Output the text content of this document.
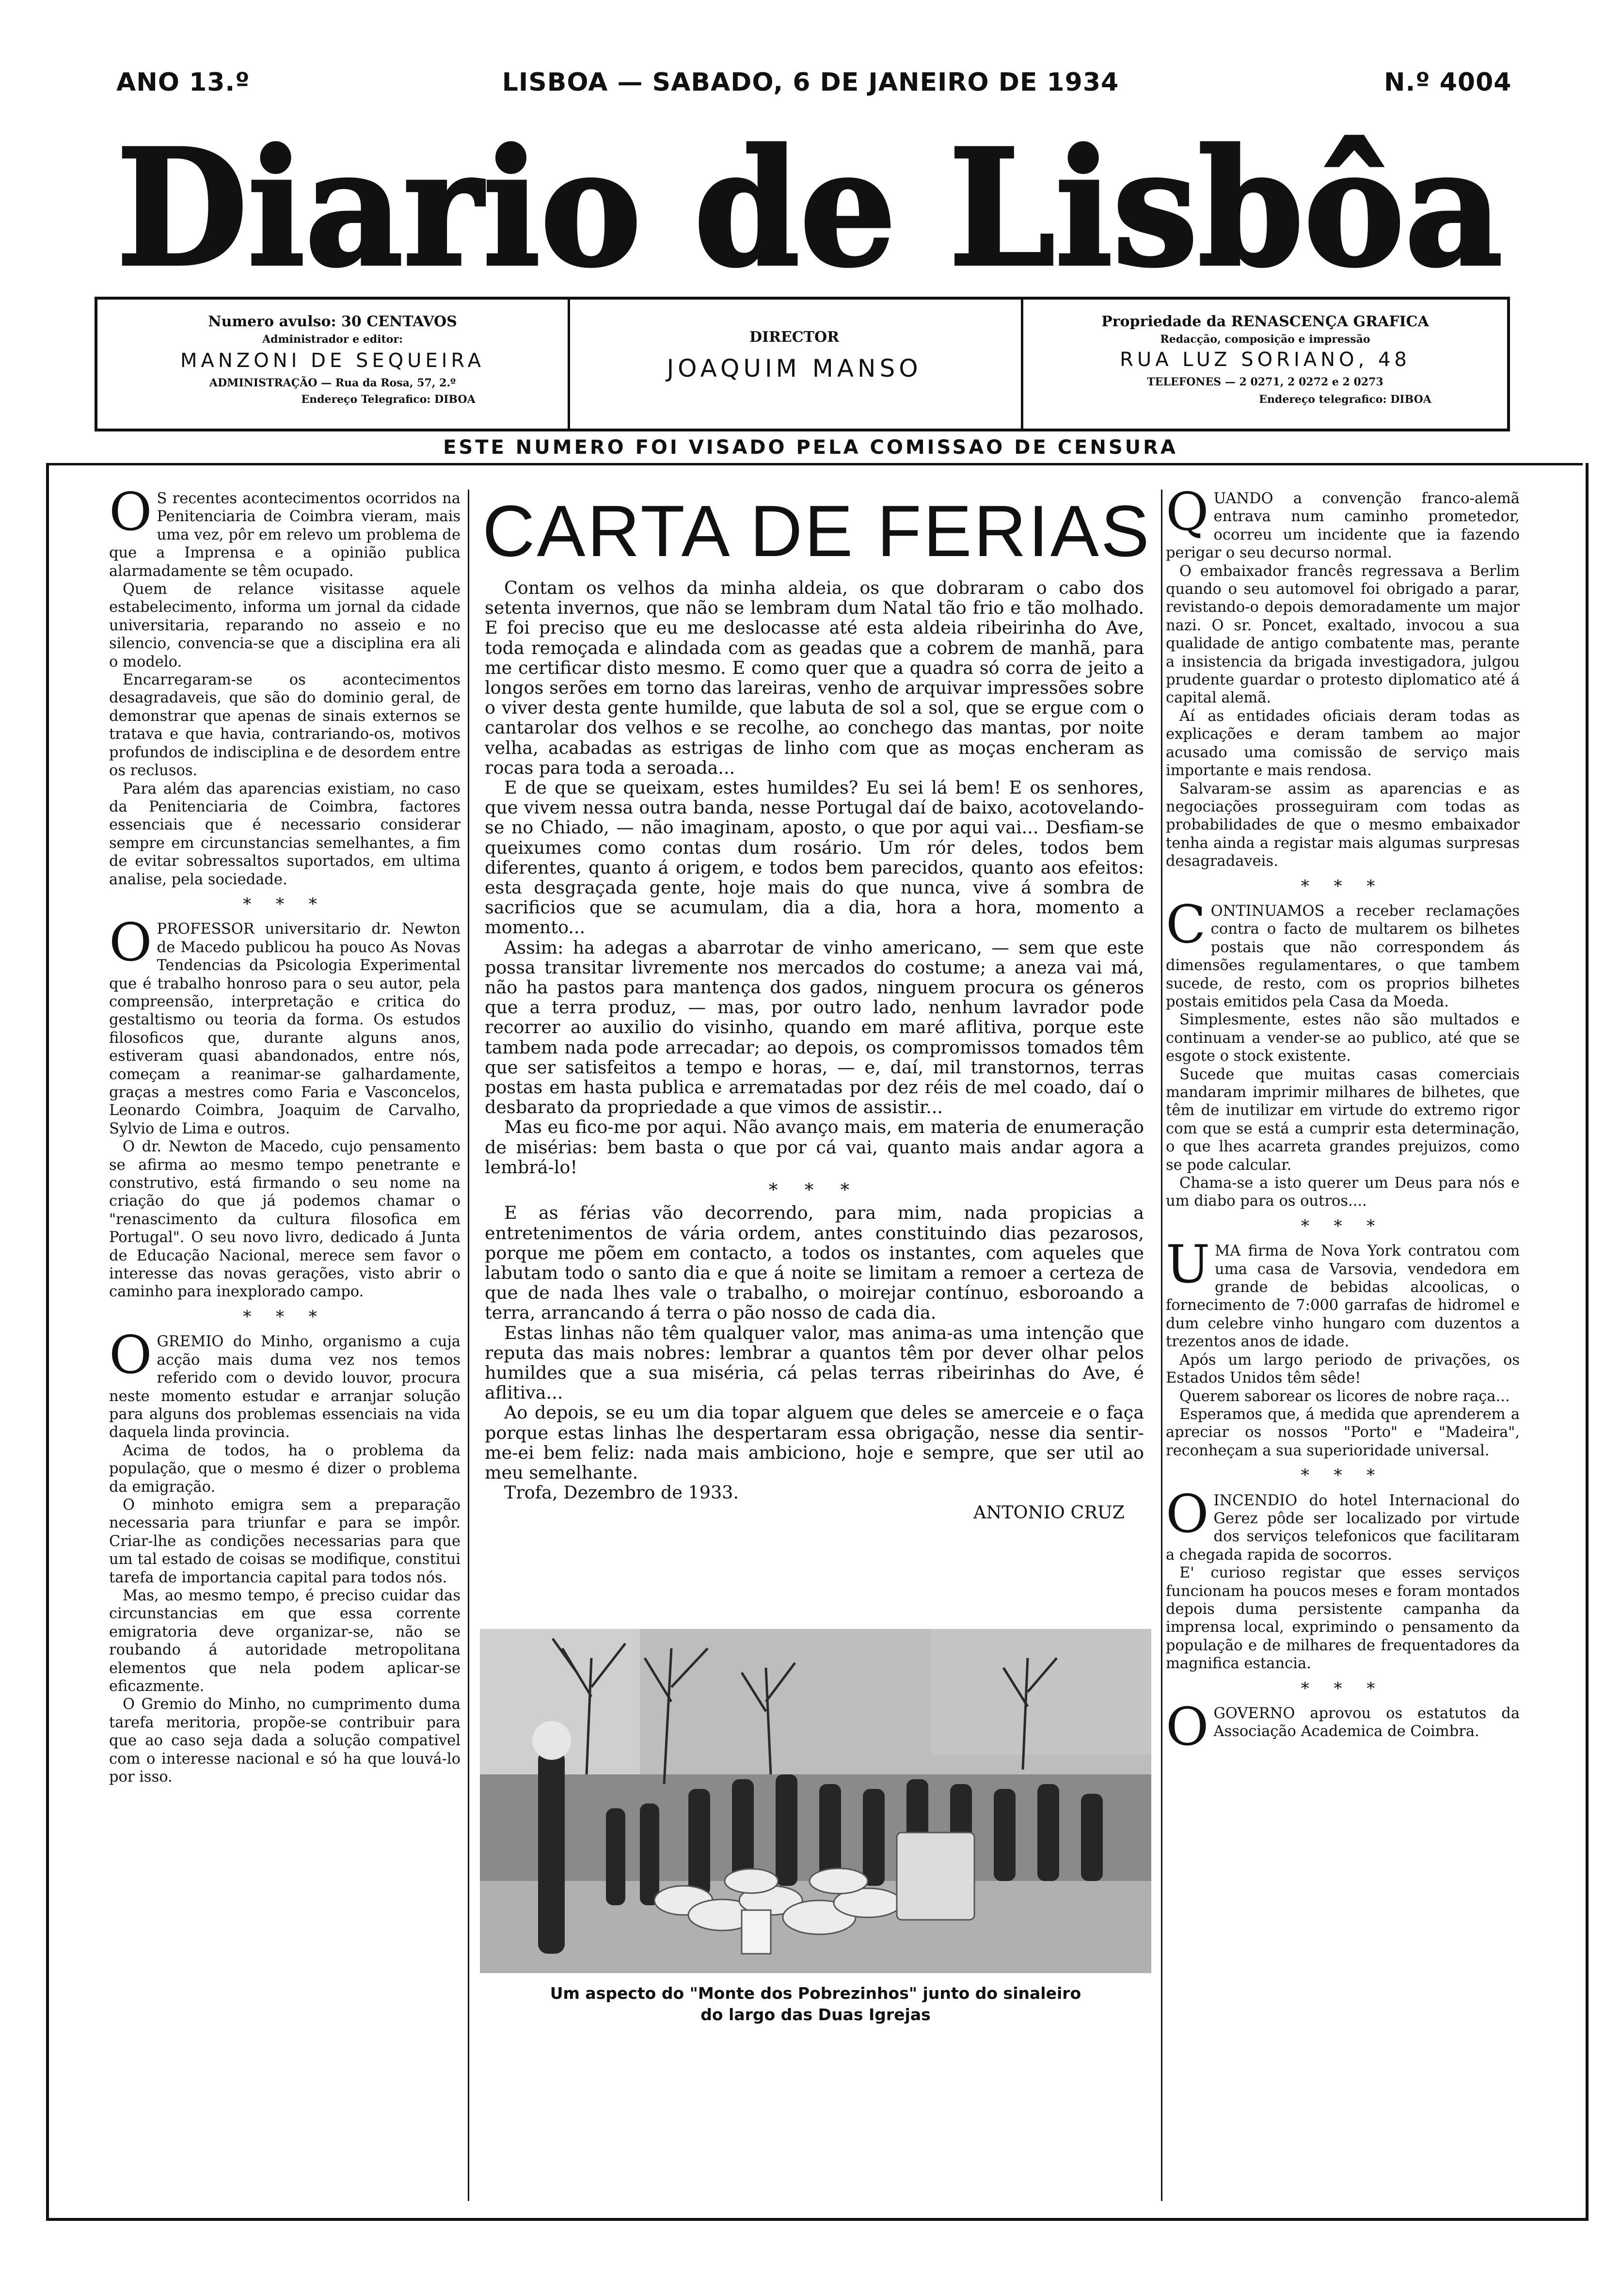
ANO 13.º	LISBOA — SABADO, 6 DE JANEIRO DE 1934	N.º 4004
Diario de Lisbôa
Numero avulso: 30 CENTAVOS
Administrador e editor:
MANZONI DE SEQUEIRA
ADMINISTRAÇÃO — Rua da Rosa, 57, 2.º
Endereço Telegrafico: DIBOA
DIRECTOR
JOAQUIM MANSO
Propriedade da RENASCENÇA GRAFICA
Redacção, composição e impressão
RUA LUZ SORIANO, 48
TELEFONES — 2 0271, 2 0272 e 2 0273
Endereço telegrafico: DIBOA
ESTE NUMERO FOI VISADO PELA COMISSAO DE CENSURA

O S recentes acontecimentos ocorridos na Penitenciaria de Coimbra vieram, mais uma vez, pôr em relevo um problema de que a Imprensa e a opinião publica alarmadamente se têm ocupado.

Quem de relance visitasse aquele estabelecimento, informa um jornal da cidade universitaria, reparando no asseio e no silencio, convencia-se que a disciplina era ali o modelo.

Encarregaram-se os acontecimentos desagradaveis, que são do dominio geral, de demonstrar que apenas de sinais externos se tratava e que havia, contrariando-os, motivos profundos de indisciplina e de desordem entre os reclusos.

Para além das aparencias existiam, no caso da Penitenciaria de Coimbra, factores essenciais que é necessario considerar sempre em circunstancias semelhantes, a fim de evitar sobressaltos suportados, em ultima analise, pela sociedade.

* * *

OPROFESSOR universitario dr. Newton de Macedo publicou ha pouco As Novas Tendencias da Psicologia Experimental que é trabalho honroso para o seu autor, pela compreensão, interpretação e critica do gestaltismo ou teoria da forma. Os estudos filosoficos que, durante alguns anos, estiveram quasi abandonados, entre nós, começam a reanimar-se galhardamente, graças a mestres como Faria e Vasconcelos, Leonardo Coimbra, Joaquim de Carvalho, Sylvio de Lima e outros.

O dr. Newton de Macedo, cujo pensamento se afirma ao mesmo tempo penetrante e construtivo, está firmando o seu nome na criação do que já podemos chamar o "renascimento da cultura filosofica em Portugal". O seu novo livro, dedicado á Junta de Educação Nacional, merece sem favor o interesse das novas gerações, visto abrir o caminho para inexplorado campo.

* * *

OGREMIO do Minho, organismo a cuja acção mais duma vez nos temos referido com o devido louvor, procura neste momento estudar e arranjar solução para alguns dos problemas essenciais na vida daquela linda provincia.

Acima de todos, ha o problema da população, que o mesmo é dizer o problema da emigração.

O minhoto emigra sem a preparação necessaria para triunfar e para se impôr. Criar-lhe as condições necessarias para que um tal estado de coisas se modifique, constitui tarefa de importancia capital para todos nós.

Mas, ao mesmo tempo, é preciso cuidar das circunstancias em que essa corrente emigratoria deve organizar-se, não se roubando á autoridade metropolitana elementos que nela podem aplicar-se eficazmente.

O Gremio do Minho, no cumprimento duma tarefa meritoria, propõe-se contribuir para que ao caso seja dada a solução compativel com o interesse nacional e só ha que louvá-lo por isso.

CARTA DE FERIAS

Contam os velhos da minha aldeia, os que dobraram o cabo dos setenta invernos, que não se lembram dum Natal tão frio e tão molhado. E foi preciso que eu me deslocasse até esta aldeia ribeirinha do Ave, toda remoçada e alindada com as geadas que a cobrem de manhã, para me certificar disto mesmo. E como quer que a quadra só corra de jeito a longos serões em torno das lareiras, venho de arquivar impressões sobre o viver desta gente humilde, que labuta de sol a sol, que se ergue com o cantarolar dos velhos e se recolhe, ao conchego das mantas, por noite velha, acabadas as estrigas de linho com que as moças encheram as rocas para toda a seroada...

E de que se queixam, estes humildes? Eu sei lá bem! E os senhores, que vivem nessa outra banda, nesse Portugal daí de baixo, acotovelando-se no Chiado, — não imaginam, aposto, o que por aqui vai... Desfiam-se queixumes como contas dum rosário. Um rór deles, todos bem diferentes, quanto á origem, e todos bem parecidos, quanto aos efeitos: esta desgraçada gente, hoje mais do que nunca, vive á sombra de sacrificios que se acumulam, dia a dia, hora a hora, momento a momento...

Assim: ha adegas a abarrotar de vinho americano, — sem que este possa transitar livremente nos mercados do costume; a aneza vai má, não ha pastos para mantença dos gados, ninguem procura os géneros que a terra produz, — mas, por outro lado, nenhum lavrador pode recorrer ao auxilio do visinho, quando em maré aflitiva, porque este tambem nada pode arrecadar; ao depois, os compromissos tomados têm que ser satisfeitos a tempo e horas, — e, daí, mil transtornos, terras postas em hasta publica e arrematadas por dez réis de mel coado, daí o desbarato da propriedade a que vimos de assistir...

Mas eu fico-me por aqui. Não avanço mais, em materia de enumeração de misérias: bem basta o que por cá vai, quanto mais andar agora a lembrá-lo!

* * *

E as férias vão decorrendo, para mim, nada propicias a entretenimentos de vária ordem, antes constituindo dias pezarosos, porque me põem em contacto, a todos os instantes, com aqueles que labutam todo o santo dia e que á noite se limitam a remoer a certeza de que de nada lhes vale o trabalho, o moirejar contínuo, esboroando a terra, arrancando á terra o pão nosso de cada dia.

Estas linhas não têm qualquer valor, mas anima-as uma intenção que reputa das mais nobres: lembrar a quantos têm por dever olhar pelos humildes que a sua miséria, cá pelas terras ribeirinhas do Ave, é aflitiva...

Ao depois, se eu um dia topar alguem que deles se amerceie e o faça porque estas linhas lhe despertaram essa obrigação, nesse dia sentir-me-ei bem feliz: nada mais ambiciono, hoje e sempre, que ser util ao meu semelhante.

Trofa, Dezembro de 1933.

ANTONIO CRUZ

Um aspecto do "Monte dos Pobrezinhos" junto do sinaleiro
do largo das Duas Igrejas

QUANDO a convenção franco-alemã entrava num caminho prometedor, ocorreu um incidente que ia fazendo perigar o seu decurso normal.

O embaixador francês regressava a Berlim quando o seu automovel foi obrigado a parar, revistando-o depois demoradamente um major nazi. O sr. Poncet, exaltado, invocou a sua qualidade de antigo combatente mas, perante a insistencia da brigada investigadora, julgou prudente guardar o protesto diplomatico até á capital alemã.

Aí as entidades oficiais deram todas as explicações e deram tambem ao major acusado uma comissão de serviço mais importante e mais rendosa.

Salvaram-se assim as aparencias e as negociações prosseguiram com todas as probabilidades de que o mesmo embaixador tenha ainda a registar mais algumas surpresas desagradaveis.

* * *

CONTINUAMOS a receber reclamações contra o facto de multarem os bilhetes postais que não correspondem ás dimensões regulamentares, o que tambem sucede, de resto, com os proprios bilhetes postais emitidos pela Casa da Moeda.

Simplesmente, estes não são multados e continuam a vender-se ao publico, até que se esgote o stock existente.

Sucede que muitas casas comerciais mandaram imprimir milhares de bilhetes, que têm de inutilizar em virtude do extremo rigor com que se está a cumprir esta determinação, o que lhes acarreta grandes prejuizos, como se pode calcular.

Chama-se a isto querer um Deus para nós e um diabo para os outros....

* * *

UMA firma de Nova York contratou com uma casa de Varsovia, vendedora em grande de bebidas alcoolicas, o fornecimento de 7:000 garrafas de hidromel e dum celebre vinho hungaro com duzentos a trezentos anos de idade.

Após um largo periodo de privações, os Estados Unidos têm sêde!

Querem saborear os licores de nobre raça...

Esperamos que, á medida que aprenderem a apreciar os nossos "Porto" e "Madeira", reconheçam a sua superioridade universal.

* * *

OINCENDIO do hotel Internacional do Gerez pôde ser localizado por virtude dos serviços telefonicos que facilitaram a chegada rapida de socorros.

E' curioso registar que esses serviços funcionam ha poucos meses e foram montados depois duma persistente campanha da imprensa local, exprimindo o pensamento da população e de milhares de frequentadores da magnifica estancia.

* * *

OGOVERNO aprovou os estatutos da Associação Academica de Coimbra.
